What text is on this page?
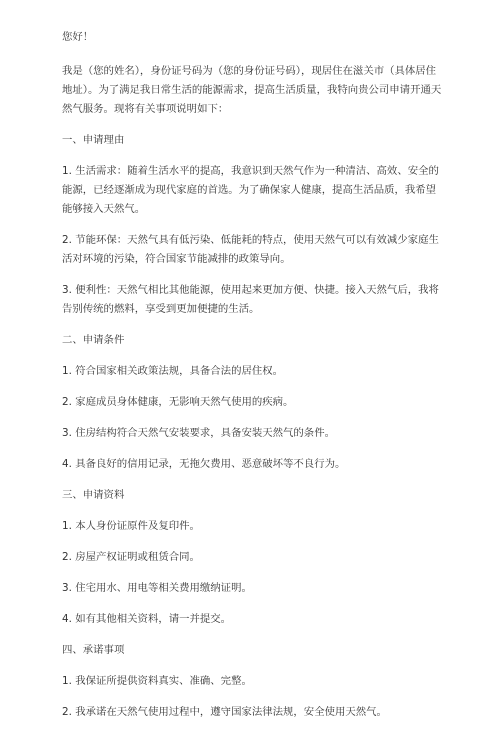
您好！

我是（您的姓名），身份证号码为（您的身份证号码），现居住在滋关市（具体居住地址）。为了满足我日常生活的能源需求，提高生活质量，我特向贵公司申请开通天然气服务。现将有关事项说明如下：

一、申请理由

1. 生活需求：随着生活水平的提高，我意识到天然气作为一种清洁、高效、安全的能源，已经逐渐成为现代家庭的首选。为了确保家人健康，提高生活品质，我希望能够接入天然气。

2. 节能环保：天然气具有低污染、低能耗的特点，使用天然气可以有效减少家庭生活对环境的污染，符合国家节能减排的政策导向。

3. 便利性：天然气相比其他能源，使用起来更加方便、快捷。接入天然气后，我将告别传统的燃料，享受到更加便捷的生活。

二、申请条件

1. 符合国家相关政策法规，具备合法的居住权。

2. 家庭成员身体健康，无影响天然气使用的疾病。

3. 住房结构符合天然气安装要求，具备安装天然气的条件。

4. 具备良好的信用记录，无拖欠费用、恶意破坏等不良行为。

三、申请资料

1. 本人身份证原件及复印件。

2. 房屋产权证明或租赁合同。

3. 住宅用水、用电等相关费用缴纳证明。

4. 如有其他相关资料，请一并提交。

四、承诺事项

1. 我保证所提供资料真实、准确、完整。

2. 我承诺在天然气使用过程中，遵守国家法律法规，安全使用天然气。
